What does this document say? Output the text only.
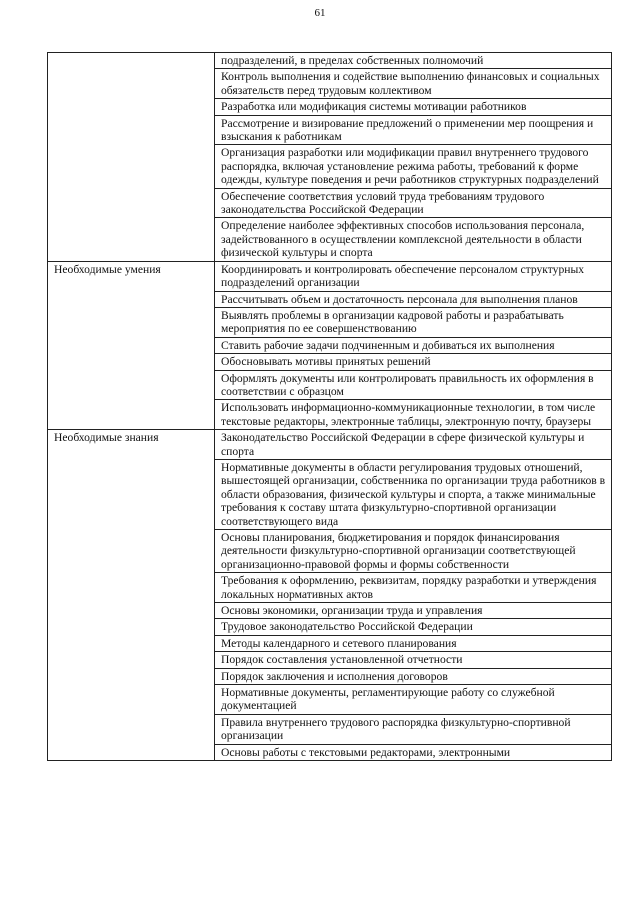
61
	подразделений, в пределах собственных полномочий
	Контроль выполнения и содействие выполнению финансовых и социальных обязательств перед трудовым коллективом
	Разработка или модификация системы мотивации работников
	Рассмотрение и визирование предложений о применении мер поощрения и взыскания к работникам
	Организация разработки или модификации правил внутреннего трудового распорядка, включая установление режима работы, требований к форме одежды, культуре поведения и речи работников структурных подразделений
	Обеспечение соответствия условий труда требованиям трудового законодательства Российской Федерации
	Определение наиболее эффективных способов использования персонала, задействованного в осуществлении комплексной деятельности в области физической культуры и спорта
Необходимые умения	Координировать и контролировать обеспечение персоналом структурных подразделений организации
	Рассчитывать объем и достаточность персонала для выполнения планов
	Выявлять проблемы в организации кадровой работы и разрабатывать мероприятия по ее совершенствованию
	Ставить рабочие задачи подчиненным и добиваться их выполнения
	Обосновывать мотивы принятых решений
	Оформлять документы или контролировать правильность их оформления в соответствии с образцом
	Использовать информационно-коммуникационные технологии, в том числе текстовые редакторы, электронные таблицы, электронную почту, браузеры
Необходимые знания	Законодательство Российской Федерации в сфере физической культуры и спорта
	Нормативные документы в области регулирования трудовых отношений, вышестоящей организации, собственника по организации труда работников в области образования, физической культуры и спорта, а также минимальные требования к составу штата физкультурно-спортивной организации соответствующего вида
	Основы планирования, бюджетирования и порядок финансирования деятельности физкультурно-спортивной организации соответствующей организационно-правовой формы и формы собственности
	Требования к оформлению, реквизитам, порядку разработки и утверждения локальных нормативных актов
	Основы экономики, организации труда и управления
	Трудовое законодательство Российской Федерации
	Методы календарного и сетевого планирования
	Порядок составления установленной отчетности
	Порядок заключения и исполнения договоров
	Нормативные документы, регламентирующие работу со служебной документацией
	Правила внутреннего трудового распорядка физкультурно-спортивной организации
	Основы работы с текстовыми редакторами, электронными
